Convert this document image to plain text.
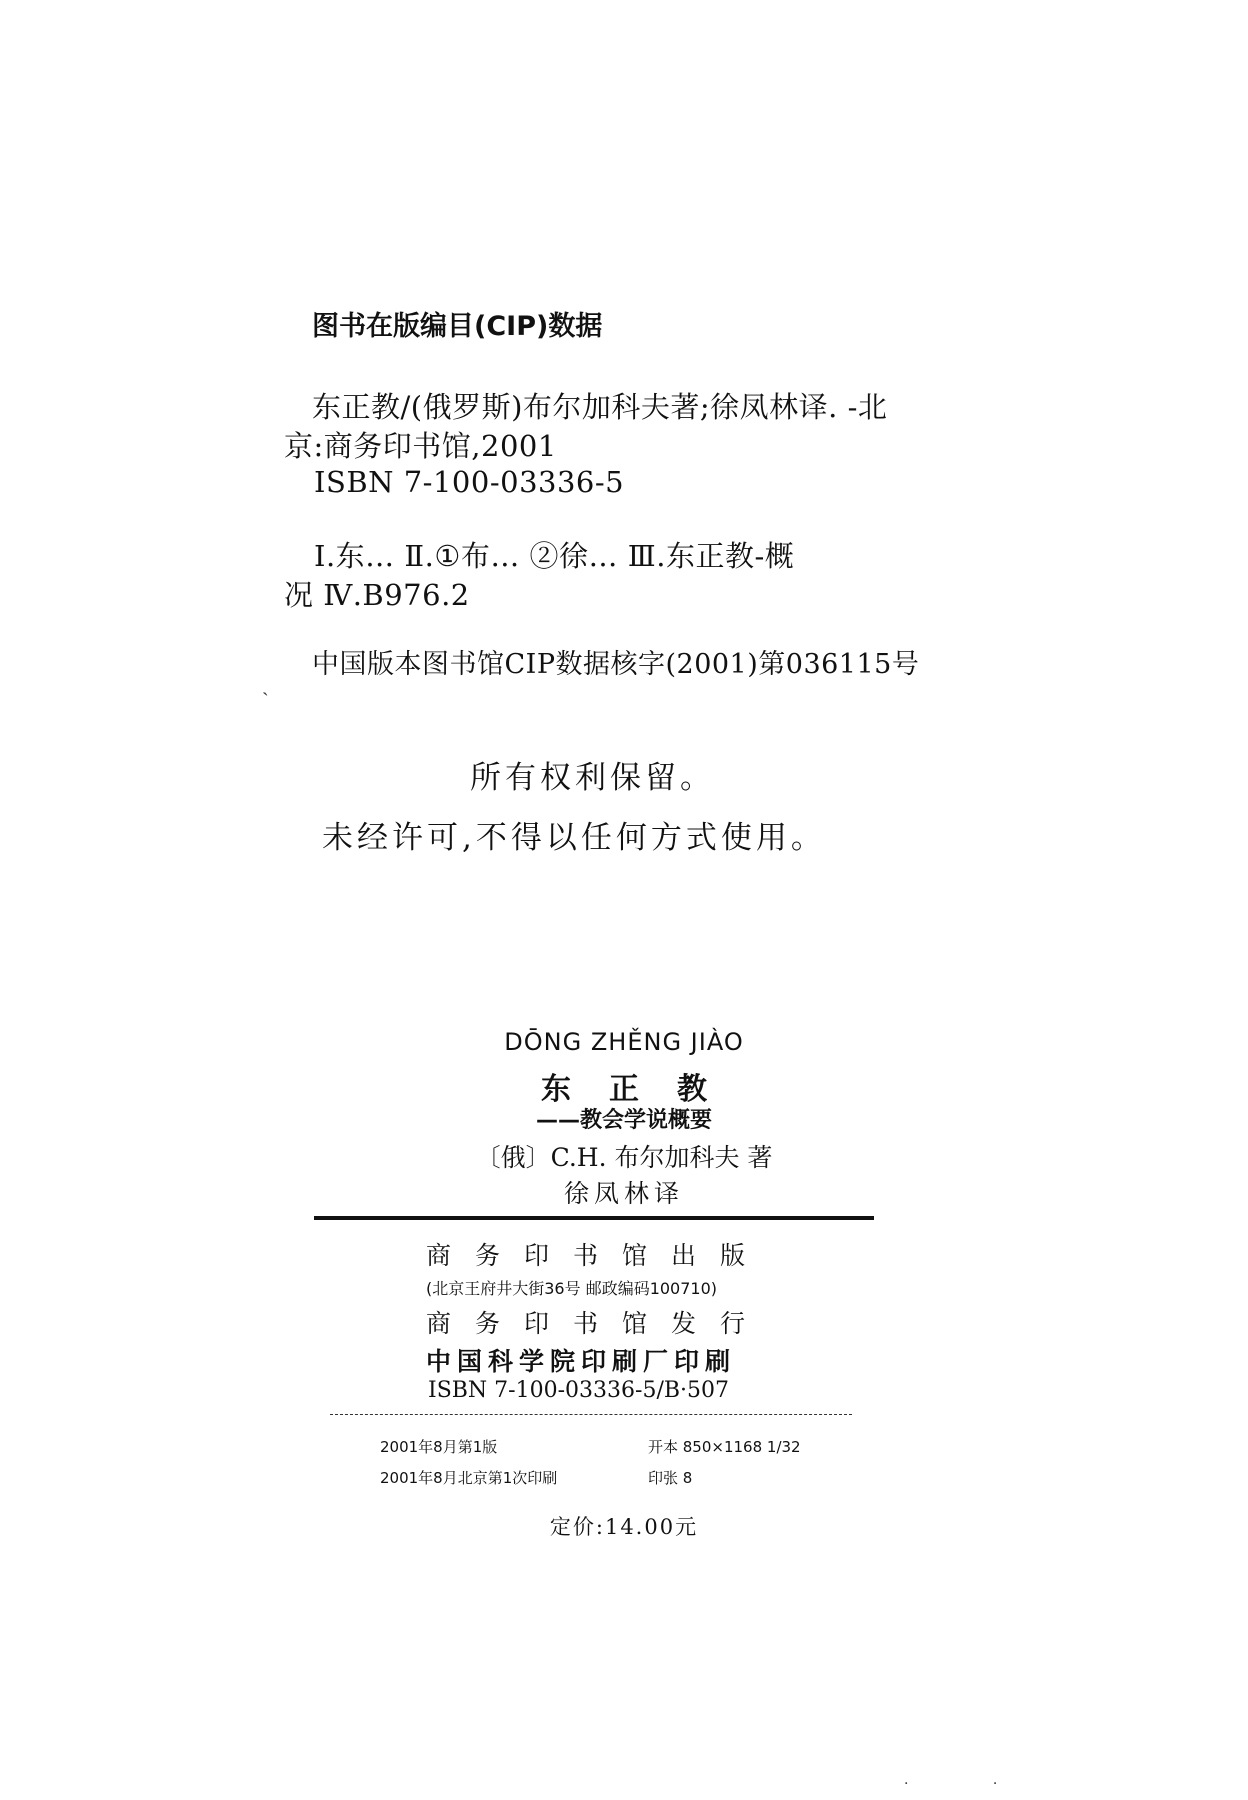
图书在版编目(CIP)数据
东正教/(俄罗斯)布尔加科夫著;徐凤林译. -北
京:商务印书馆,2001
ISBN 7-100-03336-5
Ⅰ.东… Ⅱ.①布… ②徐… Ⅲ.东正教-概
况 Ⅳ.B976.2
中国版本图书馆CIP数据核字(2001)第036115号
ˎ
所有权利保留。
未经许可,不得以任何方式使用。
DŌNG ZHĚNG JIÀO
东正教
——教会学说概要
〔俄〕C.H. 布尔加科夫 著
徐凤林译
商务印书馆出版
(北京王府井大街36号 邮政编码100710)
商务印书馆发行
中国科学院印刷厂印刷
ISBN 7-100-03336-5/B·507
2001年8月第1版	开本 850×1168 1/32
2001年8月北京第1次印刷	印张 8
定价:14.00元
· ·
